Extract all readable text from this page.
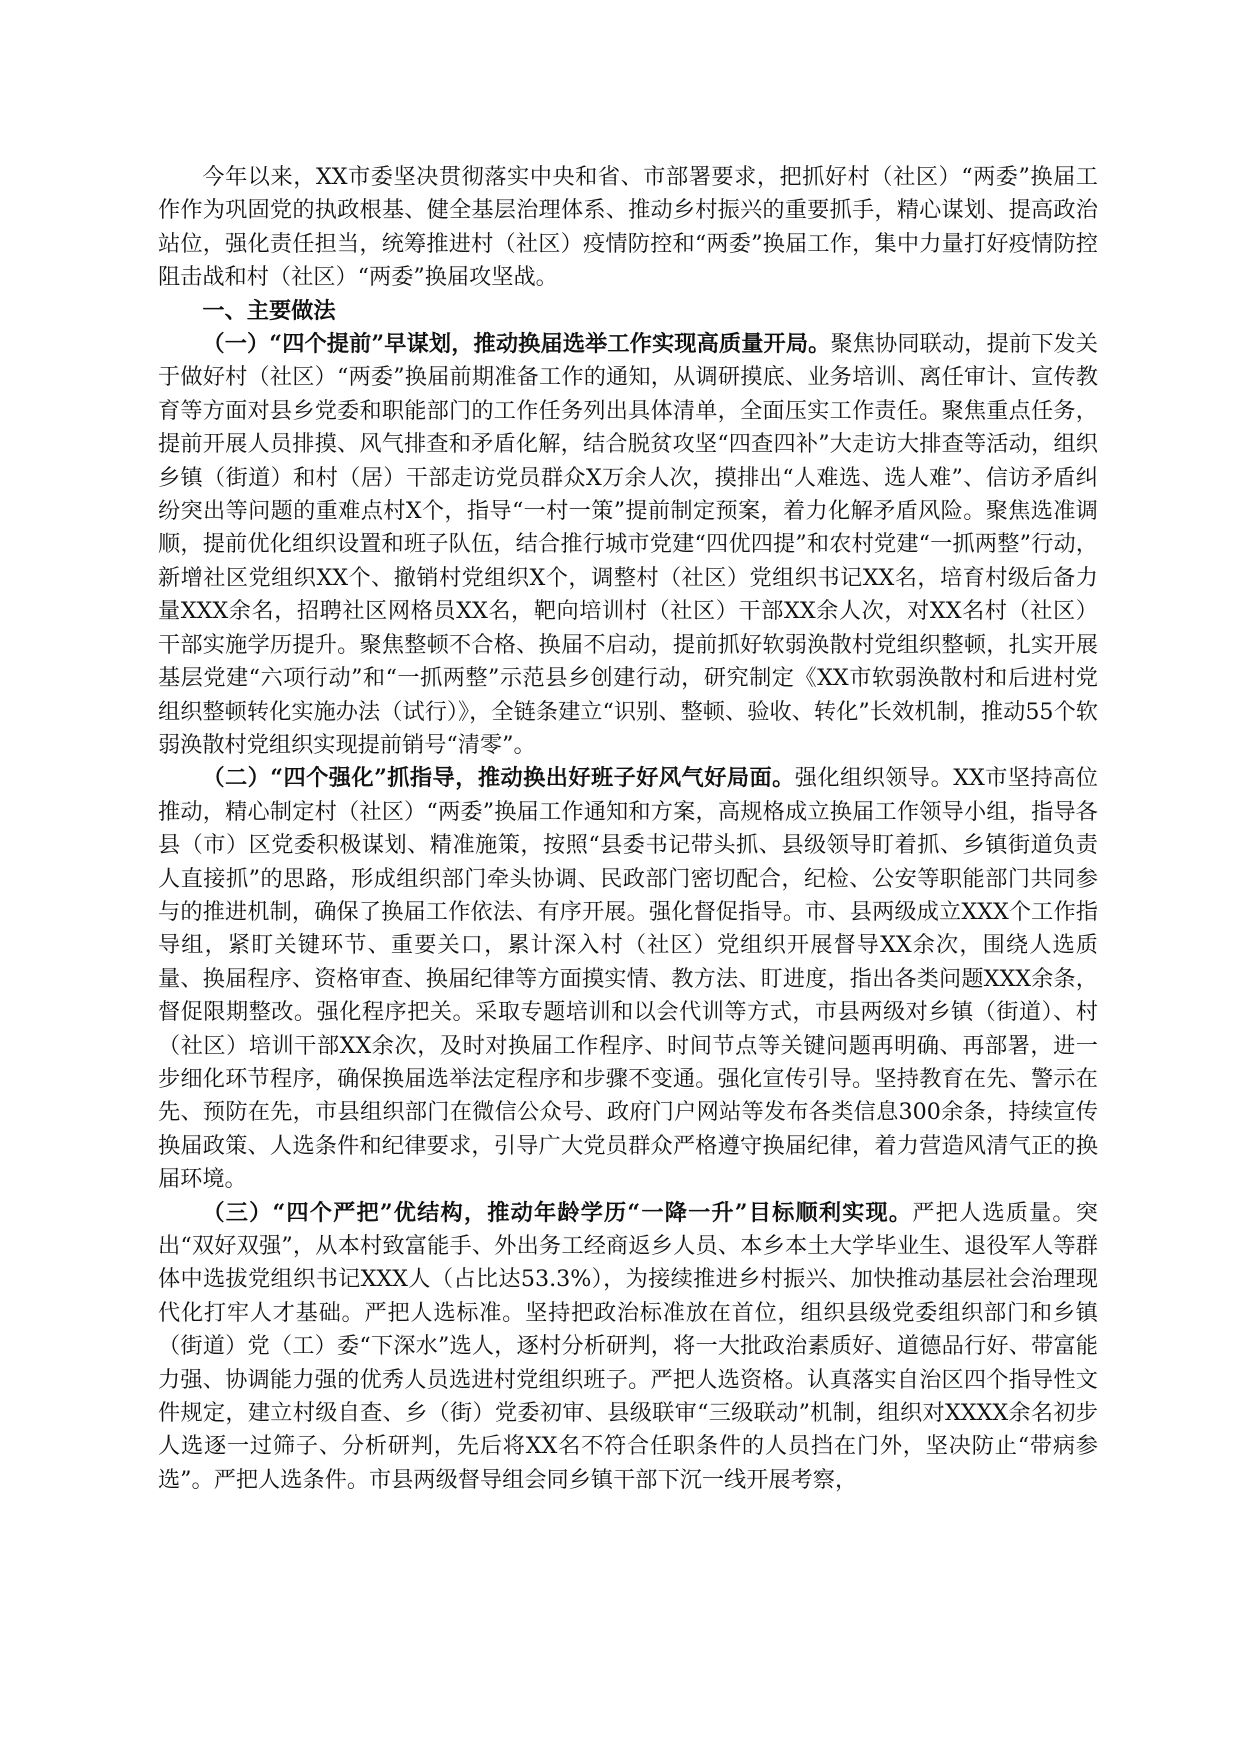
今年以来，XX市委坚决贯彻落实中央和省、市部署要求，把抓好村（社区）“两委”换届工作作为巩固党的执政根基、健全基层治理体系、推动乡村振兴的重要抓手，精心谋划、提高政治站位，强化责任担当，统筹推进村（社区）疫情防控和“两委”换届工作，集中力量打好疫情防控阻击战和村（社区）“两委”换届攻坚战。

一、主要做法

（一）“四个提前”早谋划，推动换届选举工作实现高质量开局。聚焦协同联动，提前下发关于做好村（社区）“两委”换届前期准备工作的通知，从调研摸底、业务培训、离任审计、宣传教育等方面对县乡党委和职能部门的工作任务列出具体清单，全面压实工作责任。聚焦重点任务，提前开展人员排摸、风气排查和矛盾化解，结合脱贫攻坚“四查四补”大走访大排查等活动，组织乡镇（街道）和村（居）干部走访党员群众X万余人次，摸排出“人难选、选人难”、信访矛盾纠纷突出等问题的重难点村X个，指导“一村一策”提前制定预案，着力化解矛盾风险。聚焦选准调顺，提前优化组织设置和班子队伍，结合推行城市党建“四优四提”和农村党建“一抓两整”行动，新增社区党组织XX个、撤销村党组织X个，调整村（社区）党组织书记XX名，培育村级后备力量XXX余名，招聘社区网格员XX名，靶向培训村（社区）干部XX余人次，对XX名村（社区）干部实施学历提升。聚焦整顿不合格、换届不启动，提前抓好软弱涣散村党组织整顿，扎实开展基层党建“六项行动”和“一抓两整”示范县乡创建行动，研究制定《XX市软弱涣散村和后进村党组织整顿转化实施办法（试行）》，全链条建立“识别、整顿、验收、转化”长效机制，推动55个软弱涣散村党组织实现提前销号“清零”。

（二）“四个强化”抓指导，推动换出好班子好风气好局面。强化组织领导。XX市坚持高位推动，精心制定村（社区）“两委”换届工作通知和方案，高规格成立换届工作领导小组，指导各县（市）区党委积极谋划、精准施策，按照“县委书记带头抓、县级领导盯着抓、乡镇街道负责人直接抓”的思路，形成组织部门牵头协调、民政部门密切配合，纪检、公安等职能部门共同参与的推进机制，确保了换届工作依法、有序开展。强化督促指导。市、县两级成立XXX个工作指导组，紧盯关键环节、重要关口，累计深入村（社区）党组织开展督导XX余次，围绕人选质量、换届程序、资格审查、换届纪律等方面摸实情、教方法、盯进度，指出各类问题XXX余条，督促限期整改。强化程序把关。采取专题培训和以会代训等方式，市县两级对乡镇（街道）、村（社区）培训干部XX余次，及时对换届工作程序、时间节点等关键问题再明确、再部署，进一步细化环节程序，确保换届选举法定程序和步骤不变通。强化宣传引导。坚持教育在先、警示在先、预防在先，市县组织部门在微信公众号、政府门户网站等发布各类信息300余条，持续宣传换届政策、人选条件和纪律要求，引导广大党员群众严格遵守换届纪律，着力营造风清气正的换届环境。

（三）“四个严把”优结构，推动年龄学历“一降一升”目标顺利实现。严把人选质量。突出“双好双强”，从本村致富能手、外出务工经商返乡人员、本乡本土大学毕业生、退役军人等群体中选拔党组织书记XXX人（占比达53.3%），为接续推进乡村振兴、加快推动基层社会治理现代化打牢人才基础。严把人选标准。坚持把政治标准放在首位，组织县级党委组织部门和乡镇（街道）党（工）委“下深水”选人，逐村分析研判，将一大批政治素质好、道德品行好、带富能力强、协调能力强的优秀人员选进村党组织班子。严把人选资格。认真落实自治区四个指导性文件规定，建立村级自查、乡（街）党委初审、县级联审“三级联动”机制，组织对XXXX余名初步人选逐一过筛子、分析研判，先后将XX名不符合任职条件的人员挡在门外，坚决防止“带病参选”。严把人选条件。市县两级督导组会同乡镇干部下沉一线开展考察，
